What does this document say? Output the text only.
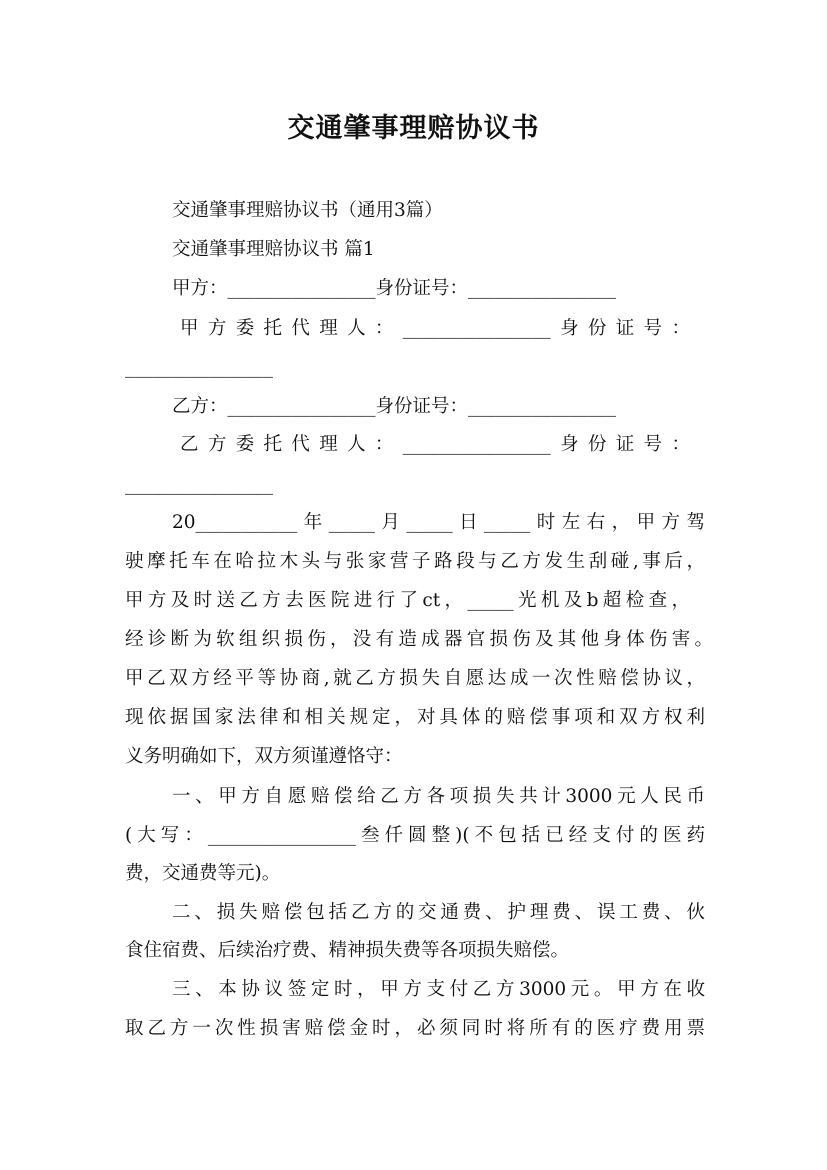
交通肇事理赔协议书
交通肇事理赔协议书（通用3篇）
交通肇事理赔协议书 篇1
甲方：________________身份证号：________________
甲方委托代理人：________________身份证号：
________________
乙方：________________身份证号：________________
乙方委托代理人：________________身份证号：
________________
20___________年_____月_____日_____时左右，甲方驾
驶摩托车在哈拉木头与张家营子路段与乙方发生刮碰,事后，
甲方及时送乙方去医院进行了ct，_____光机及b超检查，
经诊断为软组织损伤，没有造成器官损伤及其他身体伤害。
甲乙双方经平等协商,就乙方损失自愿达成一次性赔偿协议，
现依据国家法律和相关规定，对具体的赔偿事项和双方权利
义务明确如下，双方须谨遵恪守：
一、甲方自愿赔偿给乙方各项损失共计3000元人民币
(大写：________________叁仟圆整)(不包括已经支付的医药
费，交通费等元)。
二、损失赔偿包括乙方的交通费、护理费、误工费、伙
食住宿费、后续治疗费、精神损失费等各项损失赔偿。
三、本协议签定时，甲方支付乙方3000元。甲方在收
取乙方一次性损害赔偿金时，必须同时将所有的医疗费用票
